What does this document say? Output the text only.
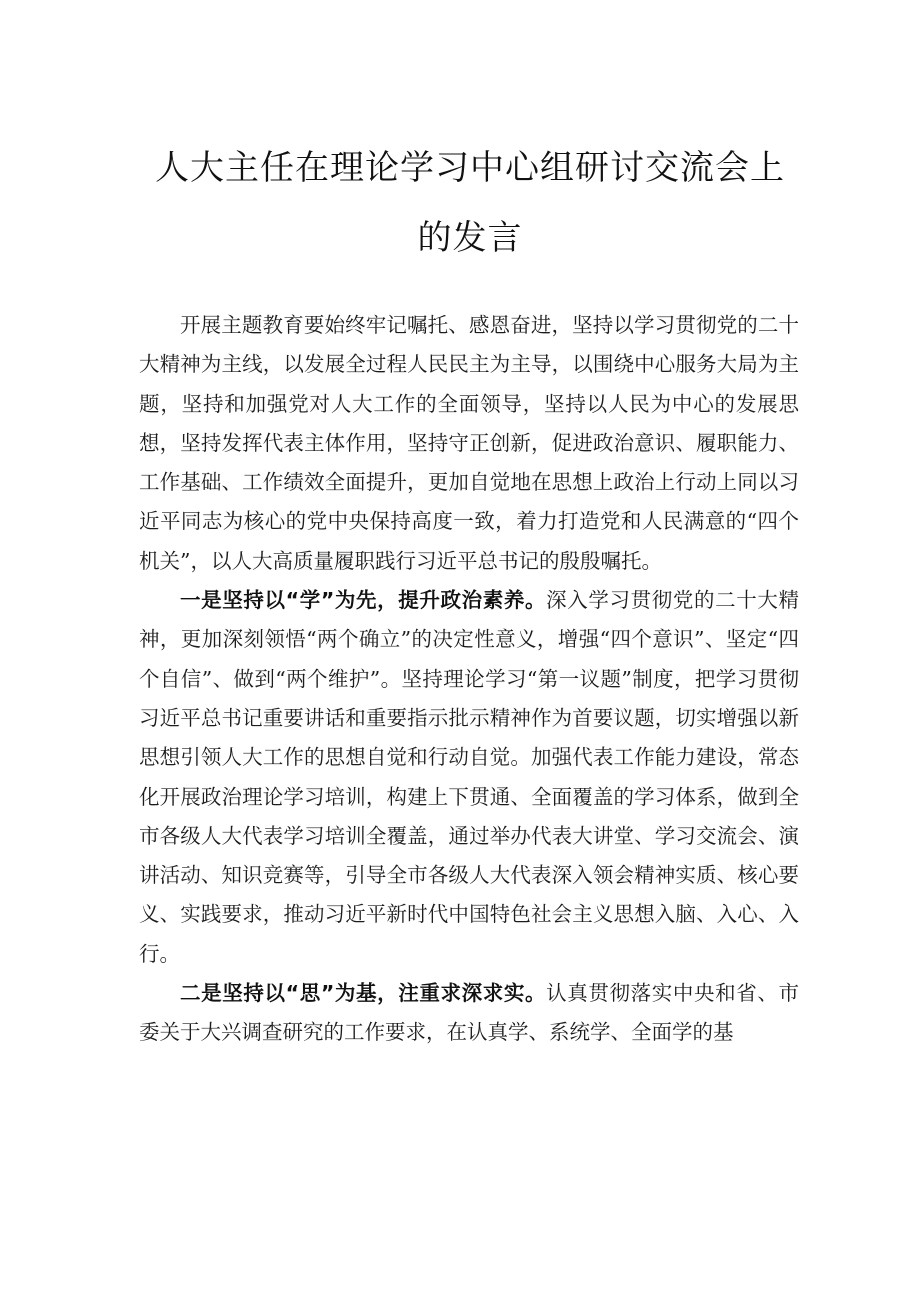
人大主任在理论学习中心组研讨交流会上
的发言

开展主题教育要始终牢记嘱托、感恩奋进，坚持以学习贯彻党的二十大精神为主线，以发展全过程人民民主为主导，以围绕中心服务大局为主题，坚持和加强党对人大工作的全面领导，坚持以人民为中心的发展思想，坚持发挥代表主体作用，坚持守正创新，促进政治意识、履职能力、工作基础、工作绩效全面提升，更加自觉地在思想上政治上行动上同以习近平同志为核心的党中央保持高度一致，着力打造党和人民满意的“四个机关”，以人大高质量履职践行习近平总书记的殷殷嘱托。

一是坚持以“学”为先，提升政治素养。深入学习贯彻党的二十大精神，更加深刻领悟“两个确立”的决定性意义，增强“四个意识”、坚定“四个自信”、做到“两个维护”。坚持理论学习“第一议题”制度，把学习贯彻习近平总书记重要讲话和重要指示批示精神作为首要议题，切实增强以新思想引领人大工作的思想自觉和行动自觉。加强代表工作能力建设，常态化开展政治理论学习培训，构建上下贯通、全面覆盖的学习体系，做到全市各级人大代表学习培训全覆盖，通过举办代表大讲堂、学习交流会、演讲活动、知识竞赛等，引导全市各级人大代表深入领会精神实质、核心要义、实践要求，推动习近平新时代中国特色社会主义思想入脑、入心、入行。

二是坚持以“思”为基，注重求深求实。认真贯彻落实中央和省、市委关于大兴调查研究的工作要求，在认真学、系统学、全面学的基
